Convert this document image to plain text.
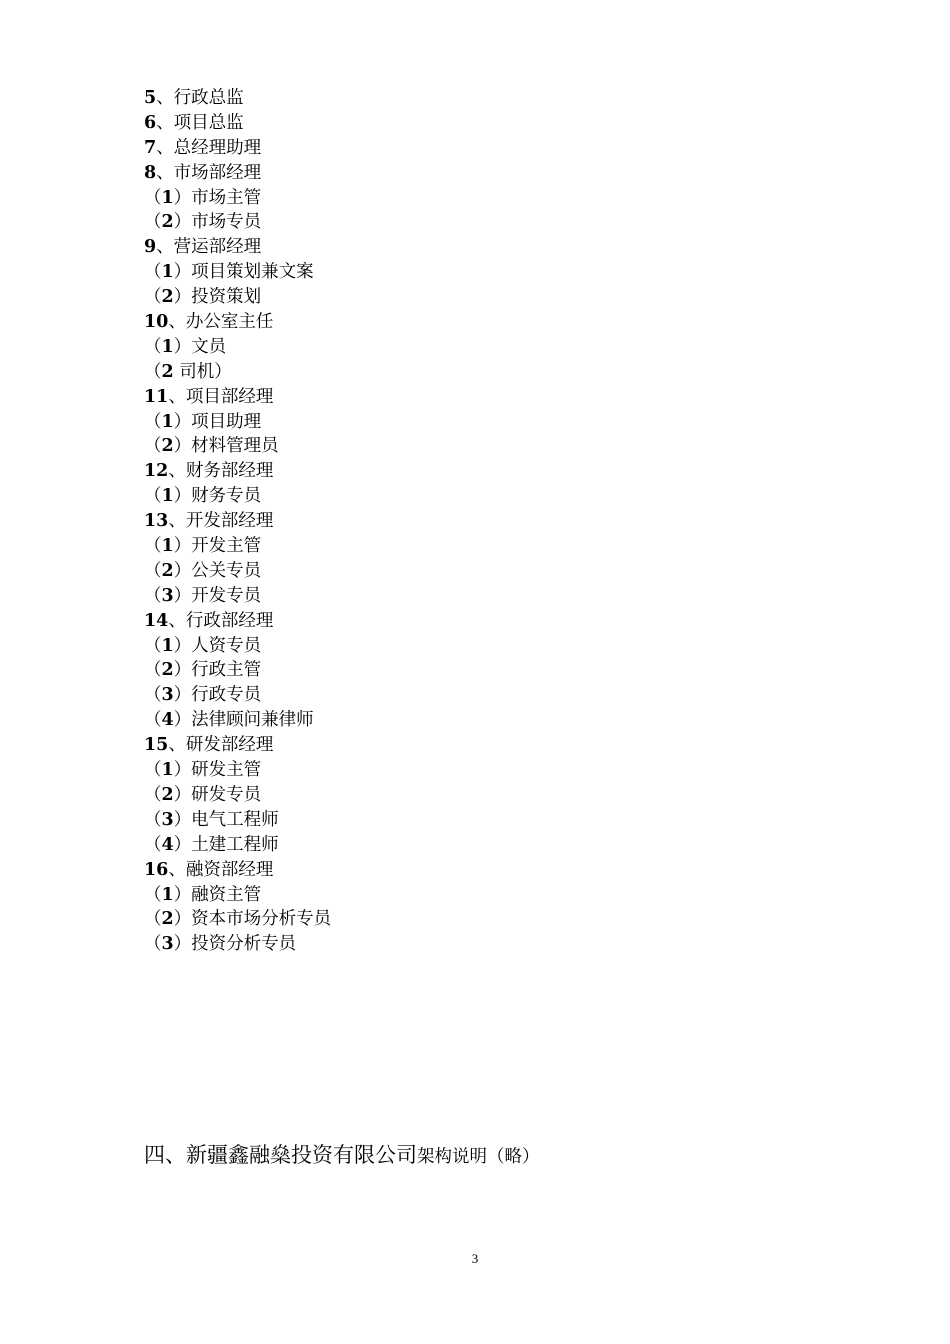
5、行政总监
6、项目总监
7、总经理助理
8、市场部经理
（1）市场主管
（2）市场专员
9、营运部经理
（1）项目策划兼文案
（2）投资策划
10、办公室主任
（1）文员
（2 司机）
11、项目部经理
（1）项目助理
（2）材料管理员
12、财务部经理
（1）财务专员
13、开发部经理
（1）开发主管
（2）公关专员
（3）开发专员
14、行政部经理
（1）人资专员
（2）行政主管
（3）行政专员
（4）法律顾问兼律师
15、研发部经理
（1）研发主管
（2）研发专员
（3）电气工程师
（4）土建工程师
16、融资部经理
（1）融资主管
（2）资本市场分析专员
（3）投资分析专员
四、新疆鑫融燊投资有限公司架构说明（略）
3
